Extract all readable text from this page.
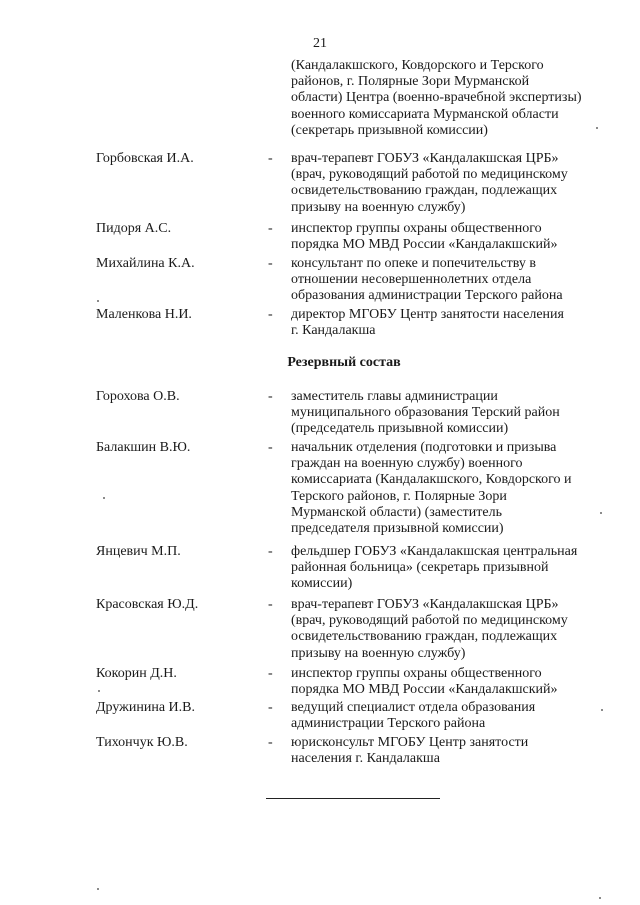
21
(Кандалакшского, Ковдорского и Терского
районов, г. Полярные Зори Мурманской
области) Центра (военно-врачебной экспертизы)
военного комиссариата Мурманской области
(секретарь призывной комиссии)
Горбовская И.А.	- врач-терапевт ГОБУЗ «Кандалакшская ЦРБ»
(врач, руководящий работой по медицинскому
освидетельствованию граждан, подлежащих
призыву на военную службу)
Пидоря А.С.	- инспектор группы охраны общественного
порядка МО МВД России «Кандалакшский»
Михайлина К.А.	- консультант по опеке и попечительству в
отношении несовершеннолетних отдела
образования администрации Терского района
Маленкова Н.И.	- директор МГОБУ Центр занятости населения
г. Кандалакша
Резервный состав
Горохова О.В.	- заместитель главы администрации
муниципального образования Терский район
(председатель призывной комиссии)
Балакшин В.Ю.	- начальник отделения (подготовки и призыва
граждан на военную службу) военного
комиссариата (Кандалакшского, Ковдорского и
Терского районов, г. Полярные Зори
Мурманской области) (заместитель
председателя призывной комиссии)
Янцевич М.П.	- фельдшер ГОБУЗ «Кандалакшская центральная
районная больница» (секретарь призывной
комиссии)
Красовская Ю.Д.	- врач-терапевт ГОБУЗ «Кандалакшская ЦРБ»
(врач, руководящий работой по медицинскому
освидетельствованию граждан, подлежащих
призыву на военную службу)
Кокорин Д.Н.	- инспектор группы охраны общественного
порядка МО МВД России «Кандалакшский»
Дружинина И.В.	- ведущий специалист отдела образования
администрации Терского района
Тихончук Ю.В.	- юрисконсульт МГОБУ Центр занятости
населения г. Кандалакша
